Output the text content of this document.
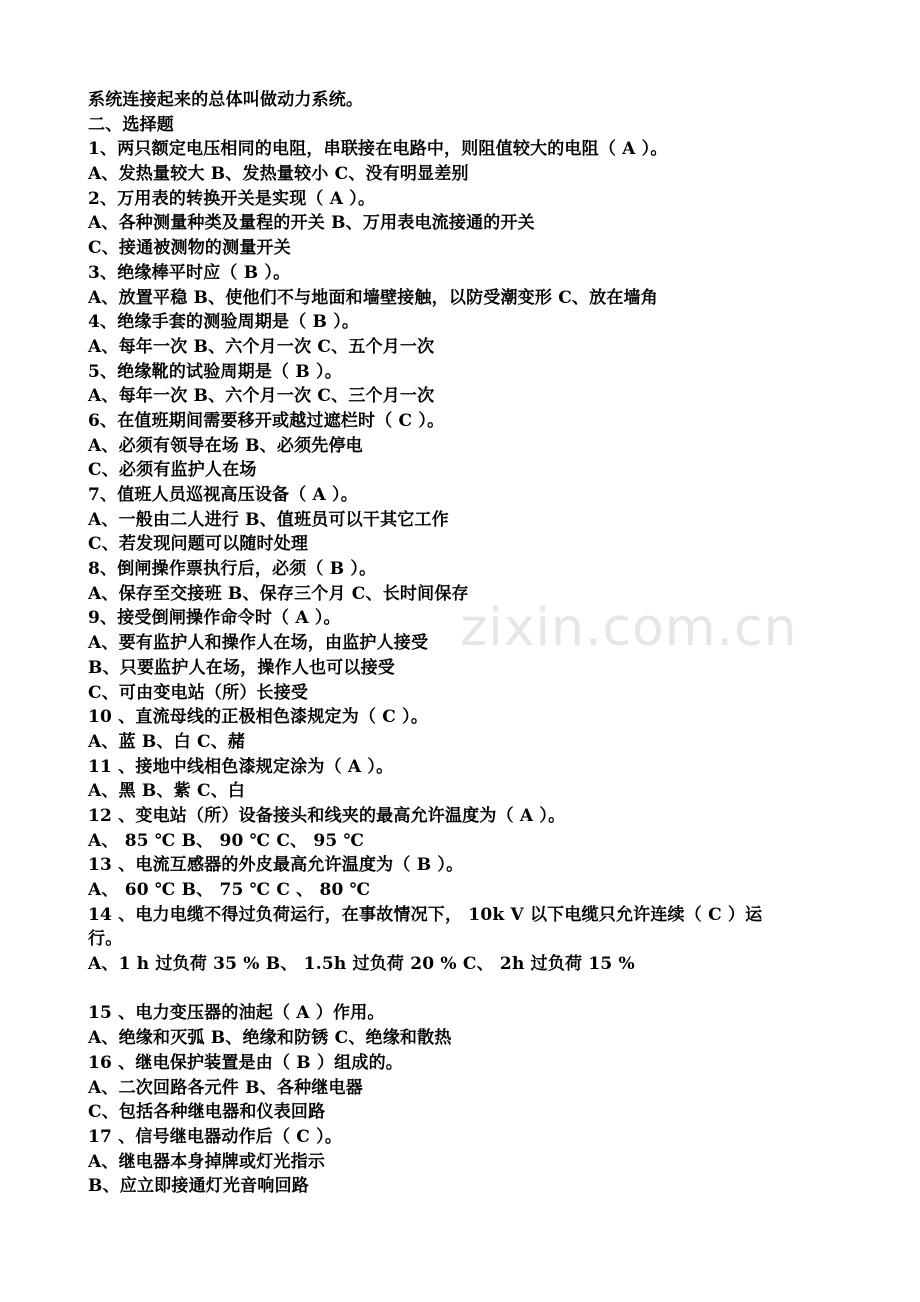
zixin.com.cn
系统连接起来的总体叫做动力系统。
二、选择题
1、两只额定电压相同的电阻，串联接在电路中，则阻值较大的电阻（ A ）。
A、发热量较大 B、发热量较小 C、没有明显差别
2、万用表的转换开关是实现（ A ）。
A、各种测量种类及量程的开关 B、万用表电流接通的开关
C、接通被测物的测量开关
3、绝缘棒平时应（ B ）。
A、放置平稳 B、使他们不与地面和墙壁接触，以防受潮变形 C、放在墙角
4、绝缘手套的测验周期是（ B ）。
A、每年一次 B、六个月一次 C、五个月一次
5、绝缘靴的试验周期是（ B ）。
A、每年一次 B、六个月一次 C、三个月一次
6、在值班期间需要移开或越过遮栏时（ C ）。
A、必须有领导在场 B、必须先停电
C、必须有监护人在场
7、值班人员巡视高压设备（ A ）。
A、一般由二人进行 B、值班员可以干其它工作
C、若发现问题可以随时处理
8、倒闸操作票执行后，必须（ B ）。
A、保存至交接班 B、保存三个月 C、长时间保存
9、接受倒闸操作命令时（ A ）。
A、要有监护人和操作人在场，由监护人接受
B、只要监护人在场，操作人也可以接受
C、可由变电站（所）长接受
10 、直流母线的正极相色漆规定为（ C ）。
A、蓝 B、白 C、赭
11 、接地中线相色漆规定涂为（ A ）。
A、黑 B、紫 C、白
12 、变电站（所）设备接头和线夹的最高允许温度为（ A ）。
A、 85 ℃ B、 90 ℃ C、 95 ℃
13 、电流互感器的外皮最高允许温度为（ B ）。
A、 60 ℃ B、 75 ℃ C 、 80 ℃
14 、电力电缆不得过负荷运行，在事故情况下， 10k V 以下电缆只允许连续（ C ）运
行。
A、1 h 过负荷 35 % B、 1.5h 过负荷 20 % C、 2h 过负荷 15 %
15 、电力变压器的油起（ A ）作用。
A、绝缘和灭弧 B、绝缘和防锈 C、绝缘和散热
16 、继电保护装置是由（ B ）组成的。
A、二次回路各元件 B、各种继电器
C、包括各种继电器和仪表回路
17 、信号继电器动作后（ C ）。
A、继电器本身掉牌或灯光指示
B、应立即接通灯光音响回路
